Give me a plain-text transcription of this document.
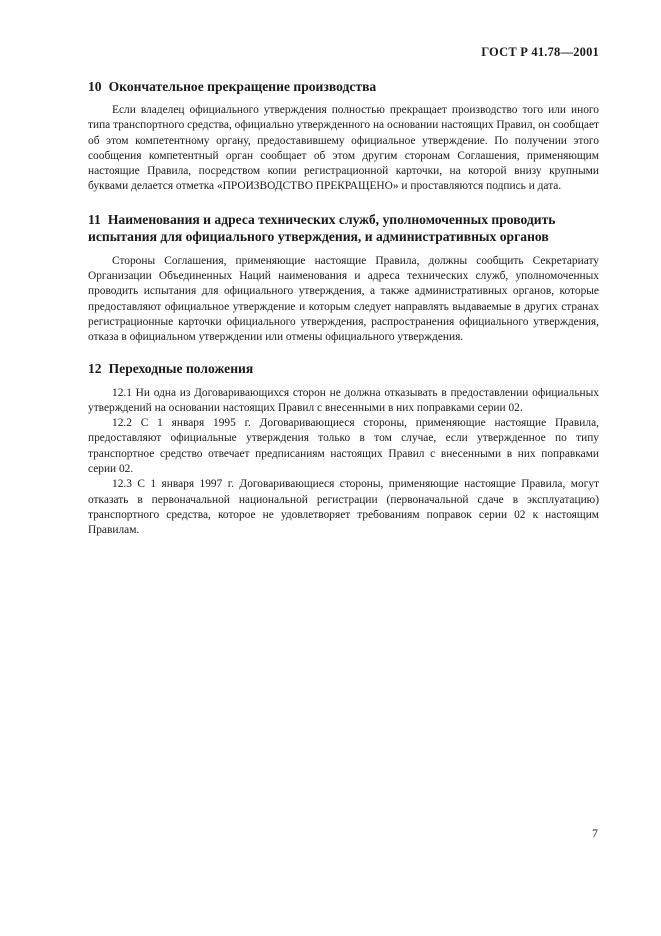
ГОСТ Р 41.78—2001
10 Окончательное прекращение производства

Если владелец официального утверждения полностью прекращает производство того или иного типа транспортного средства, официально утвержденного на основании настоящих Правил, он сообщает об этом компетентному органу, предоставившему официальное утверждение. По получении этого сообщения компетентный орган сообщает об этом другим сторонам Соглашения, применяющим настоящие Правила, посредством копии регистрационной карточки, на которой внизу крупными буквами делается отметка «ПРОИЗВОДСТВО ПРЕКРАЩЕНО» и проставляются подпись и дата.

11 Наименования и адреса технических служб, уполномоченных проводить испытания для официального утверждения, и административных органов

Стороны Соглашения, применяющие настоящие Правила, должны сообщить Секретариату Организации Объединенных Наций наименования и адреса технических служб, уполномоченных проводить испытания для официального утверждения, а также административных органов, которые предоставляют официальное утверждение и которым следует направлять выдаваемые в других странах регистрационные карточки официального утверждения, распространения официального утверждения, отказа в официальном утверждении или отмены официального утверждения.

12 Переходные положения

12.1 Ни одна из Договаривающихся сторон не должна отказывать в предоставлении официальных утверждений на основании настоящих Правил с внесенными в них поправками серии 02.

12.2 С 1 января 1995 г. Договаривающиеся стороны, применяющие настоящие Правила, предоставляют официальные утверждения только в том случае, если утвержденное по типу транспортное средство отвечает предписаниям настоящих Правил с внесенными в них поправками серии 02.

12.3 С 1 января 1997 г. Договаривающиеся стороны, применяющие настоящие Правила, могут отказать в первоначальной национальной регистрации (первоначальной сдаче в эксплуатацию) транспортного средства, которое не удовлетворяет требованиям поправок серии 02 к настоящим Правилам.

7
